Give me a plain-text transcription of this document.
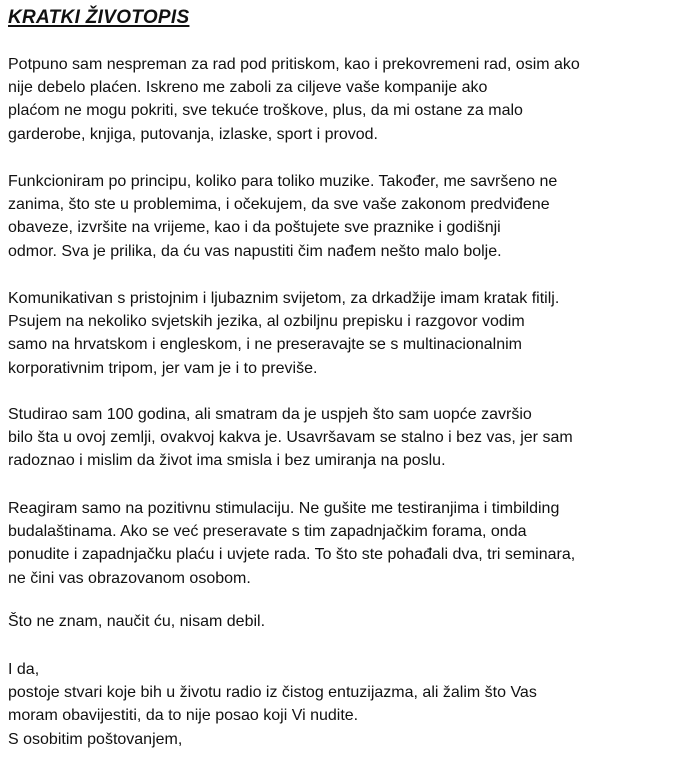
KRATKI ŽIVOTOPIS
Potpuno sam nespreman za rad pod pritiskom, kao i prekovremeni rad, osim ako
nije debelo plaćen. Iskreno me zaboli za ciljeve vaše kompanije ako
plaćom ne mogu pokriti, sve tekuće troškove, plus, da mi ostane za malo
garderobe, knjiga, putovanja, izlaske, sport i provod.
Funkcioniram po principu, koliko para toliko muzike. Također, me savršeno ne
zanima, što ste u problemima, i očekujem, da sve vaše zakonom predviđene
obaveze, izvršite na vrijeme, kao i da poštujete sve praznike i godišnji
odmor. Sva je prilika, da ću vas napustiti čim nađem nešto malo bolje.
Komunikativan s pristojnim i ljubaznim svijetom, za drkadžije imam kratak fitilj.
Psujem na nekoliko svjetskih jezika, al ozbiljnu prepisku i razgovor vodim
samo na hrvatskom i engleskom, i ne preseravajte se s multinacionalnim
korporativnim tripom, jer vam je i to previše.
Studirao sam 100 godina, ali smatram da je uspjeh što sam uopće završio
bilo šta u ovoj zemlji, ovakvoj kakva je. Usavršavam se stalno i bez vas, jer sam
radoznao i mislim da život ima smisla i bez umiranja na poslu.
Reagiram samo na pozitivnu stimulaciju. Ne gušite me testiranjima i timbilding
budalaštinama. Ako se već preseravate s tim zapadnjačkim forama, onda
ponudite i zapadnjačku plaću i uvjete rada. To što ste pohađali dva, tri seminara,
ne čini vas obrazovanom osobom.
Što ne znam, naučit ću, nisam debil.
I da,
postoje stvari koje bih u životu radio iz čistog entuzijazma, ali žalim što Vas
moram obavijestiti, da to nije posao koji Vi nudite.
S osobitim poštovanjem,
